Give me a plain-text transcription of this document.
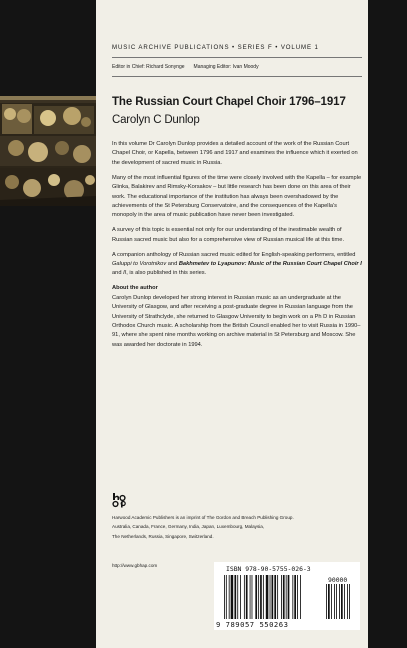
MUSIC ARCHIVE PUBLICATIONS • SERIES F • VOLUME 1
Editor in Chief: Richard Sonynge Managing Editor: Ivan Moody
The Russian Court Chapel Choir 1796–1917
Carolyn C Dunlop

In this volume Dr Carolyn Dunlop provides a detailed account of the work of the Russian Court Chapel Choir, or Kapella, between 1796 and 1917 and examines the influence which it exerted on the development of sacred music in Russia.

Many of the most influential figures of the time were closely involved with the Kapella – for example Glinka, Balakirev and Rimsky-Korsakov – but little research has been done on this area of their work. The educational importance of the institution has always been overshadowed by the achievements of the St Petersburg Conservatoire, and the consequences of the Kapella’s monopoly in the area of music publication have never been investigated.

A survey of this topic is essential not only for our understanding of the inestimable wealth of Russian sacred music but also for a comprehensive view of Russian musical life at this time.

A companion anthology of Russian sacred music edited for English-speaking performers, entitled Galuppi to Vorotnikov and Bakhmetev to Lyapunov: Music of the Russian Court Chapel Choir I and II, is also published in this series.

About the author

Carolyn Dunlop developed her strong interest in Russian music as an undergraduate at the University of Glasgow, and after receiving a post-graduate degree in Russian language from the University of Strathclyde, she returned to Glasgow University to begin work on a Ph D in Russian Orthodox Church music. A scholarship from the British Council enabled her to visit Russia in 1990–91, where she spent nine months working on archive material in St Petersburg and Moscow. She was awarded her doctorate in 1994.

Harwood Academic Publishers is an imprint of The Gordon and Breach Publishing Group.
Australia, Canada, France, Germany, India, Japan, Luxembourg, Malaysia,
The Netherlands, Russia, Singapore, Switzerland.
http://www.gbhap.com	ISBN 978-90-5755-026-3
90000
9 789057 550263
